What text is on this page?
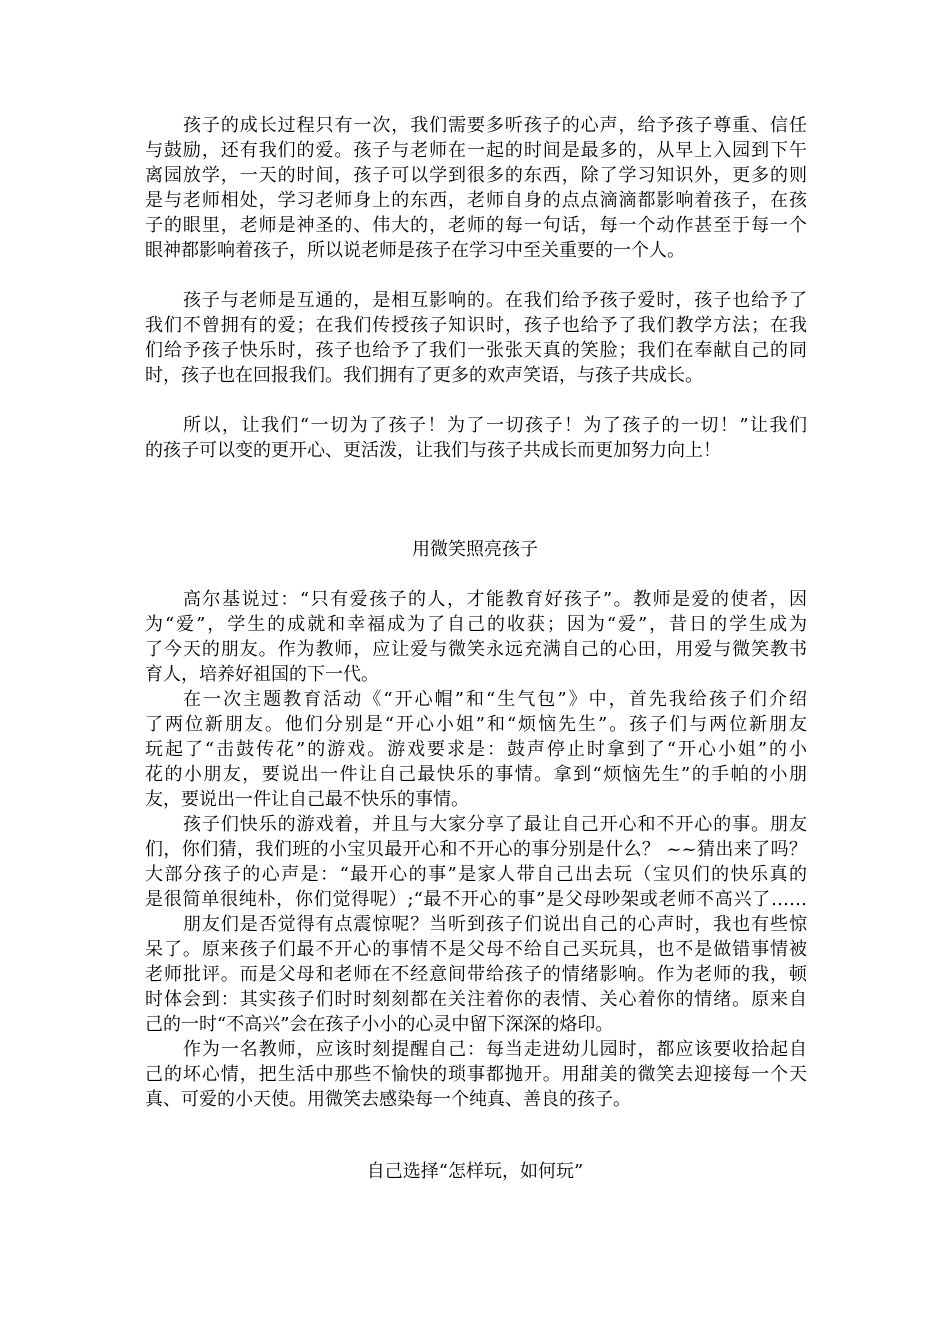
孩子的成长过程只有一次，我们需要多听孩子的心声，给予孩子尊重、信任
与鼓励，还有我们的爱。孩子与老师在一起的时间是最多的，从早上入园到下午
离园放学，一天的时间，孩子可以学到很多的东西，除了学习知识外，更多的则
是与老师相处，学习老师身上的东西，老师自身的点点滴滴都影响着孩子，在孩
子的眼里，老师是神圣的、伟大的，老师的每一句话，每一个动作甚至于每一个
眼神都影响着孩子，所以说老师是孩子在学习中至关重要的一个人。
孩子与老师是互通的，是相互影响的。在我们给予孩子爱时，孩子也给予了
我们不曾拥有的爱；在我们传授孩子知识时，孩子也给予了我们教学方法；在我
们给予孩子快乐时，孩子也给予了我们一张张天真的笑脸；我们在奉献自己的同
时，孩子也在回报我们。我们拥有了更多的欢声笑语，与孩子共成长。
所以，让我们“一切为了孩子！为了一切孩子！为了孩子的一切！”让我们
的孩子可以变的更开心、更活泼，让我们与孩子共成长而更加努力向上！
用微笑照亮孩子
高尔基说过：“只有爱孩子的人，才能教育好孩子”。教师是爱的使者，因
为“爱”，学生的成就和幸福成为了自己的收获；因为“爱”，昔日的学生成为
了今天的朋友。作为教师，应让爱与微笑永远充满自己的心田，用爱与微笑教书
育人，培养好祖国的下一代。
在一次主题教育活动《“开心帽”和“生气包”》中，首先我给孩子们介绍
了两位新朋友。他们分别是“开心小姐”和“烦恼先生”。孩子们与两位新朋友
玩起了“击鼓传花”的游戏。游戏要求是：鼓声停止时拿到了“开心小姐”的小
花的小朋友，要说出一件让自己最快乐的事情。拿到“烦恼先生”的手帕的小朋
友，要说出一件让自己最不快乐的事情。
孩子们快乐的游戏着，并且与大家分享了最让自己开心和不开心的事。朋友
们，你们猜，我们班的小宝贝最开心和不开心的事分别是什么？ ~~猜出来了吗？
大部分孩子的心声是：“最开心的事”是家人带自己出去玩（宝贝们的快乐真的
是很简单很纯朴，你们觉得呢）;“最不开心的事”是父母吵架或老师不高兴了……
朋友们是否觉得有点震惊呢？当听到孩子们说出自己的心声时，我也有些惊
呆了。原来孩子们最不开心的事情不是父母不给自己买玩具，也不是做错事情被
老师批评。而是父母和老师在不经意间带给孩子的情绪影响。作为老师的我，顿
时体会到：其实孩子们时时刻刻都在关注着你的表情、关心着你的情绪。原来自
己的一时“不高兴”会在孩子小小的心灵中留下深深的烙印。
作为一名教师，应该时刻提醒自己：每当走进幼儿园时，都应该要收拾起自
己的坏心情，把生活中那些不愉快的琐事都抛开。用甜美的微笑去迎接每一个天
真、可爱的小天使。用微笑去感染每一个纯真、善良的孩子。
自己选择“怎样玩，如何玩”
